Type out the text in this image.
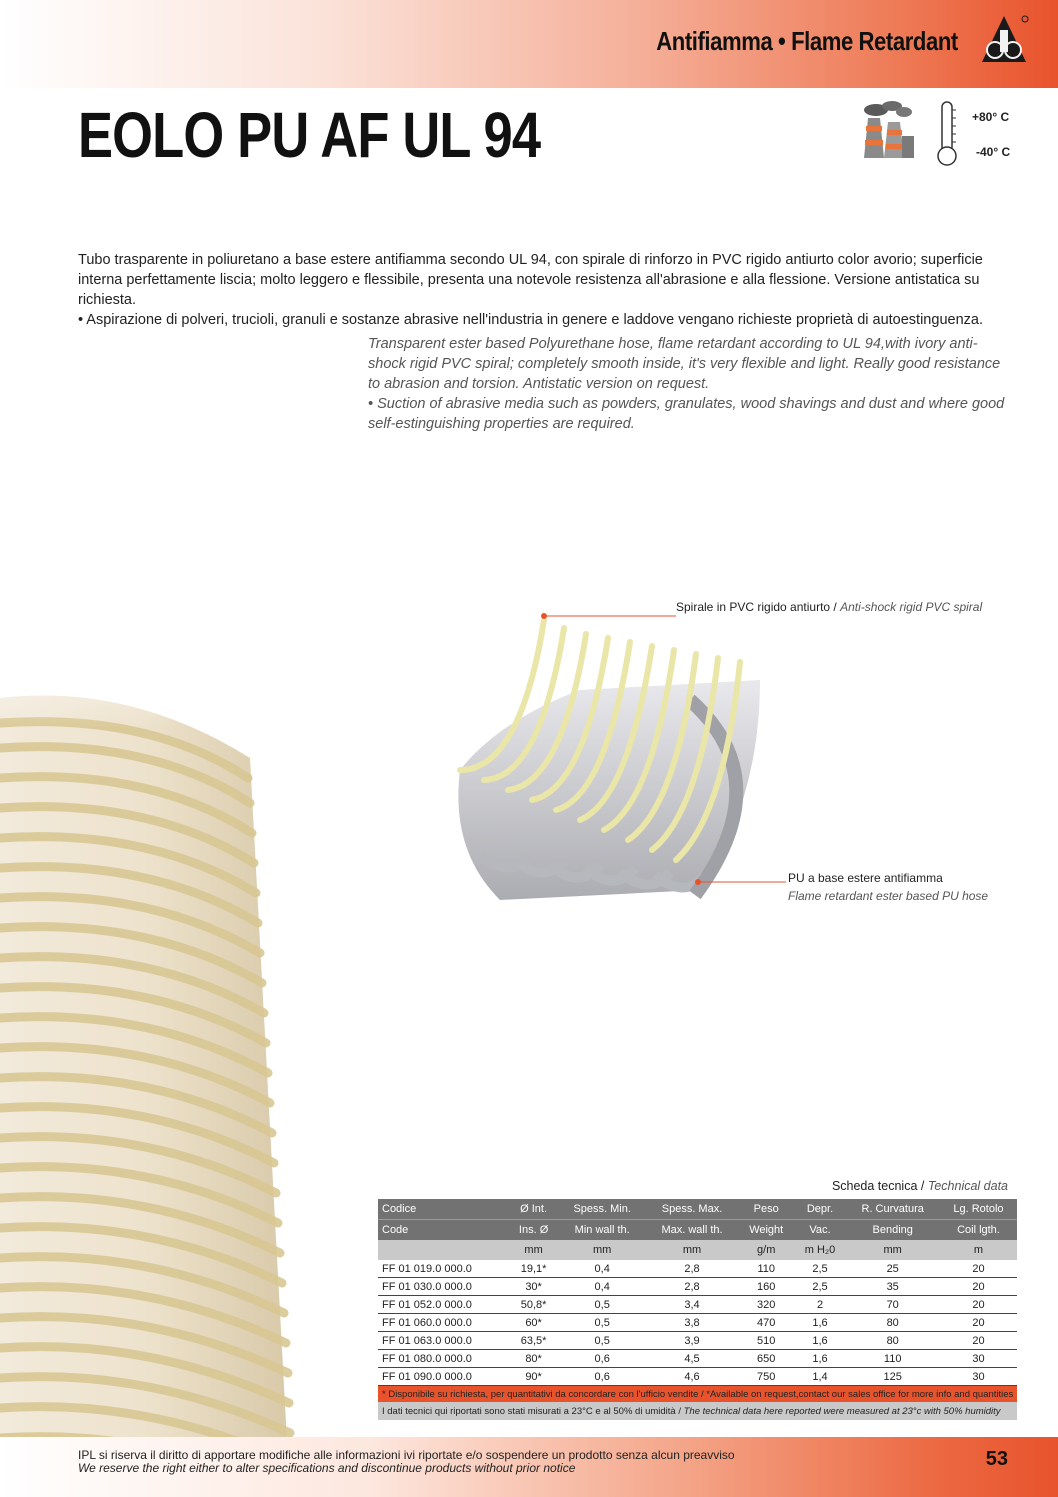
Antifiamma • Flame Retardant
EOLO PU AF UL 94	+80° C
-40° C

Tubo trasparente in poliuretano a base estere antifiamma secondo UL 94, con spirale di rinforzo in PVC rigido antiurto color avorio; superficie interna perfettamente liscia; molto leggero e flessibile, presenta una notevole resistenza all'abrasione e alla flessione. Versione antistatica su richiesta.

• Aspirazione di polveri, trucioli, granuli e sostanze abrasive nell'industria in genere e laddove vengano richieste proprietà di autoestinguenza.

Transparent ester based Polyurethane hose, flame retardant according to UL 94,with ivory anti-shock rigid PVC spiral; completely smooth inside, it's very flexible and light. Really good resistance to abrasion and torsion. Antistatic version on request.

• Suction of abrasive media such as powders, granulates, wood shavings and dust and where good self-estinguishing properties are required.

Spirale in PVC rigido antiurto / Anti-shock rigid PVC spiral
PU a base estere antifiamma
Flame retardant ester based PU hose
Scheda tecnica / Technical data
Codice	Ø Int.	Spess. Min.	Spess. Max.	Peso	Depr.	R. Curvatura	Lg. Rotolo
Code	Ins. Ø	Min wall th.	Max. wall th.	Weight	Vac.	Bending	Coil lgth.
	mm	mm	mm	g/m	m H₂0	mm	m
FF 01 019.0 000.0	19,1*	0,4	2,8	110	2,5	25	20
FF 01 030.0 000.0	30*	0,4	2,8	160	2,5	35	20
FF 01 052.0 000.0	50,8*	0,5	3,4	320	2	70	20
FF 01 060.0 000.0	60*	0,5	3,8	470	1,6	80	20
FF 01 063.0 000.0	63,5*	0,5	3,9	510	1,6	80	20
FF 01 080.0 000.0	80*	0,6	4,5	650	1,6	110	30
FF 01 090.0 000.0	90*	0,6	4,6	750	1,4	125	30
* Disponibile su richiesta, per quantitativi da concordare con l'ufficio vendite / *Available on request,contact our sales office for more info and quantities							
I dati tecnici qui riportati sono stati misurati a 23°C e al 50% di umidità / The technical data here reported were measured at 23°c with 50% humidity							
IPL si riserva il diritto di apportare modifiche alle informazioni ivi riportate e/o sospendere un prodotto senza alcun preavviso
We reserve the right either to alter specifications and discontinue products without prior notice	53
